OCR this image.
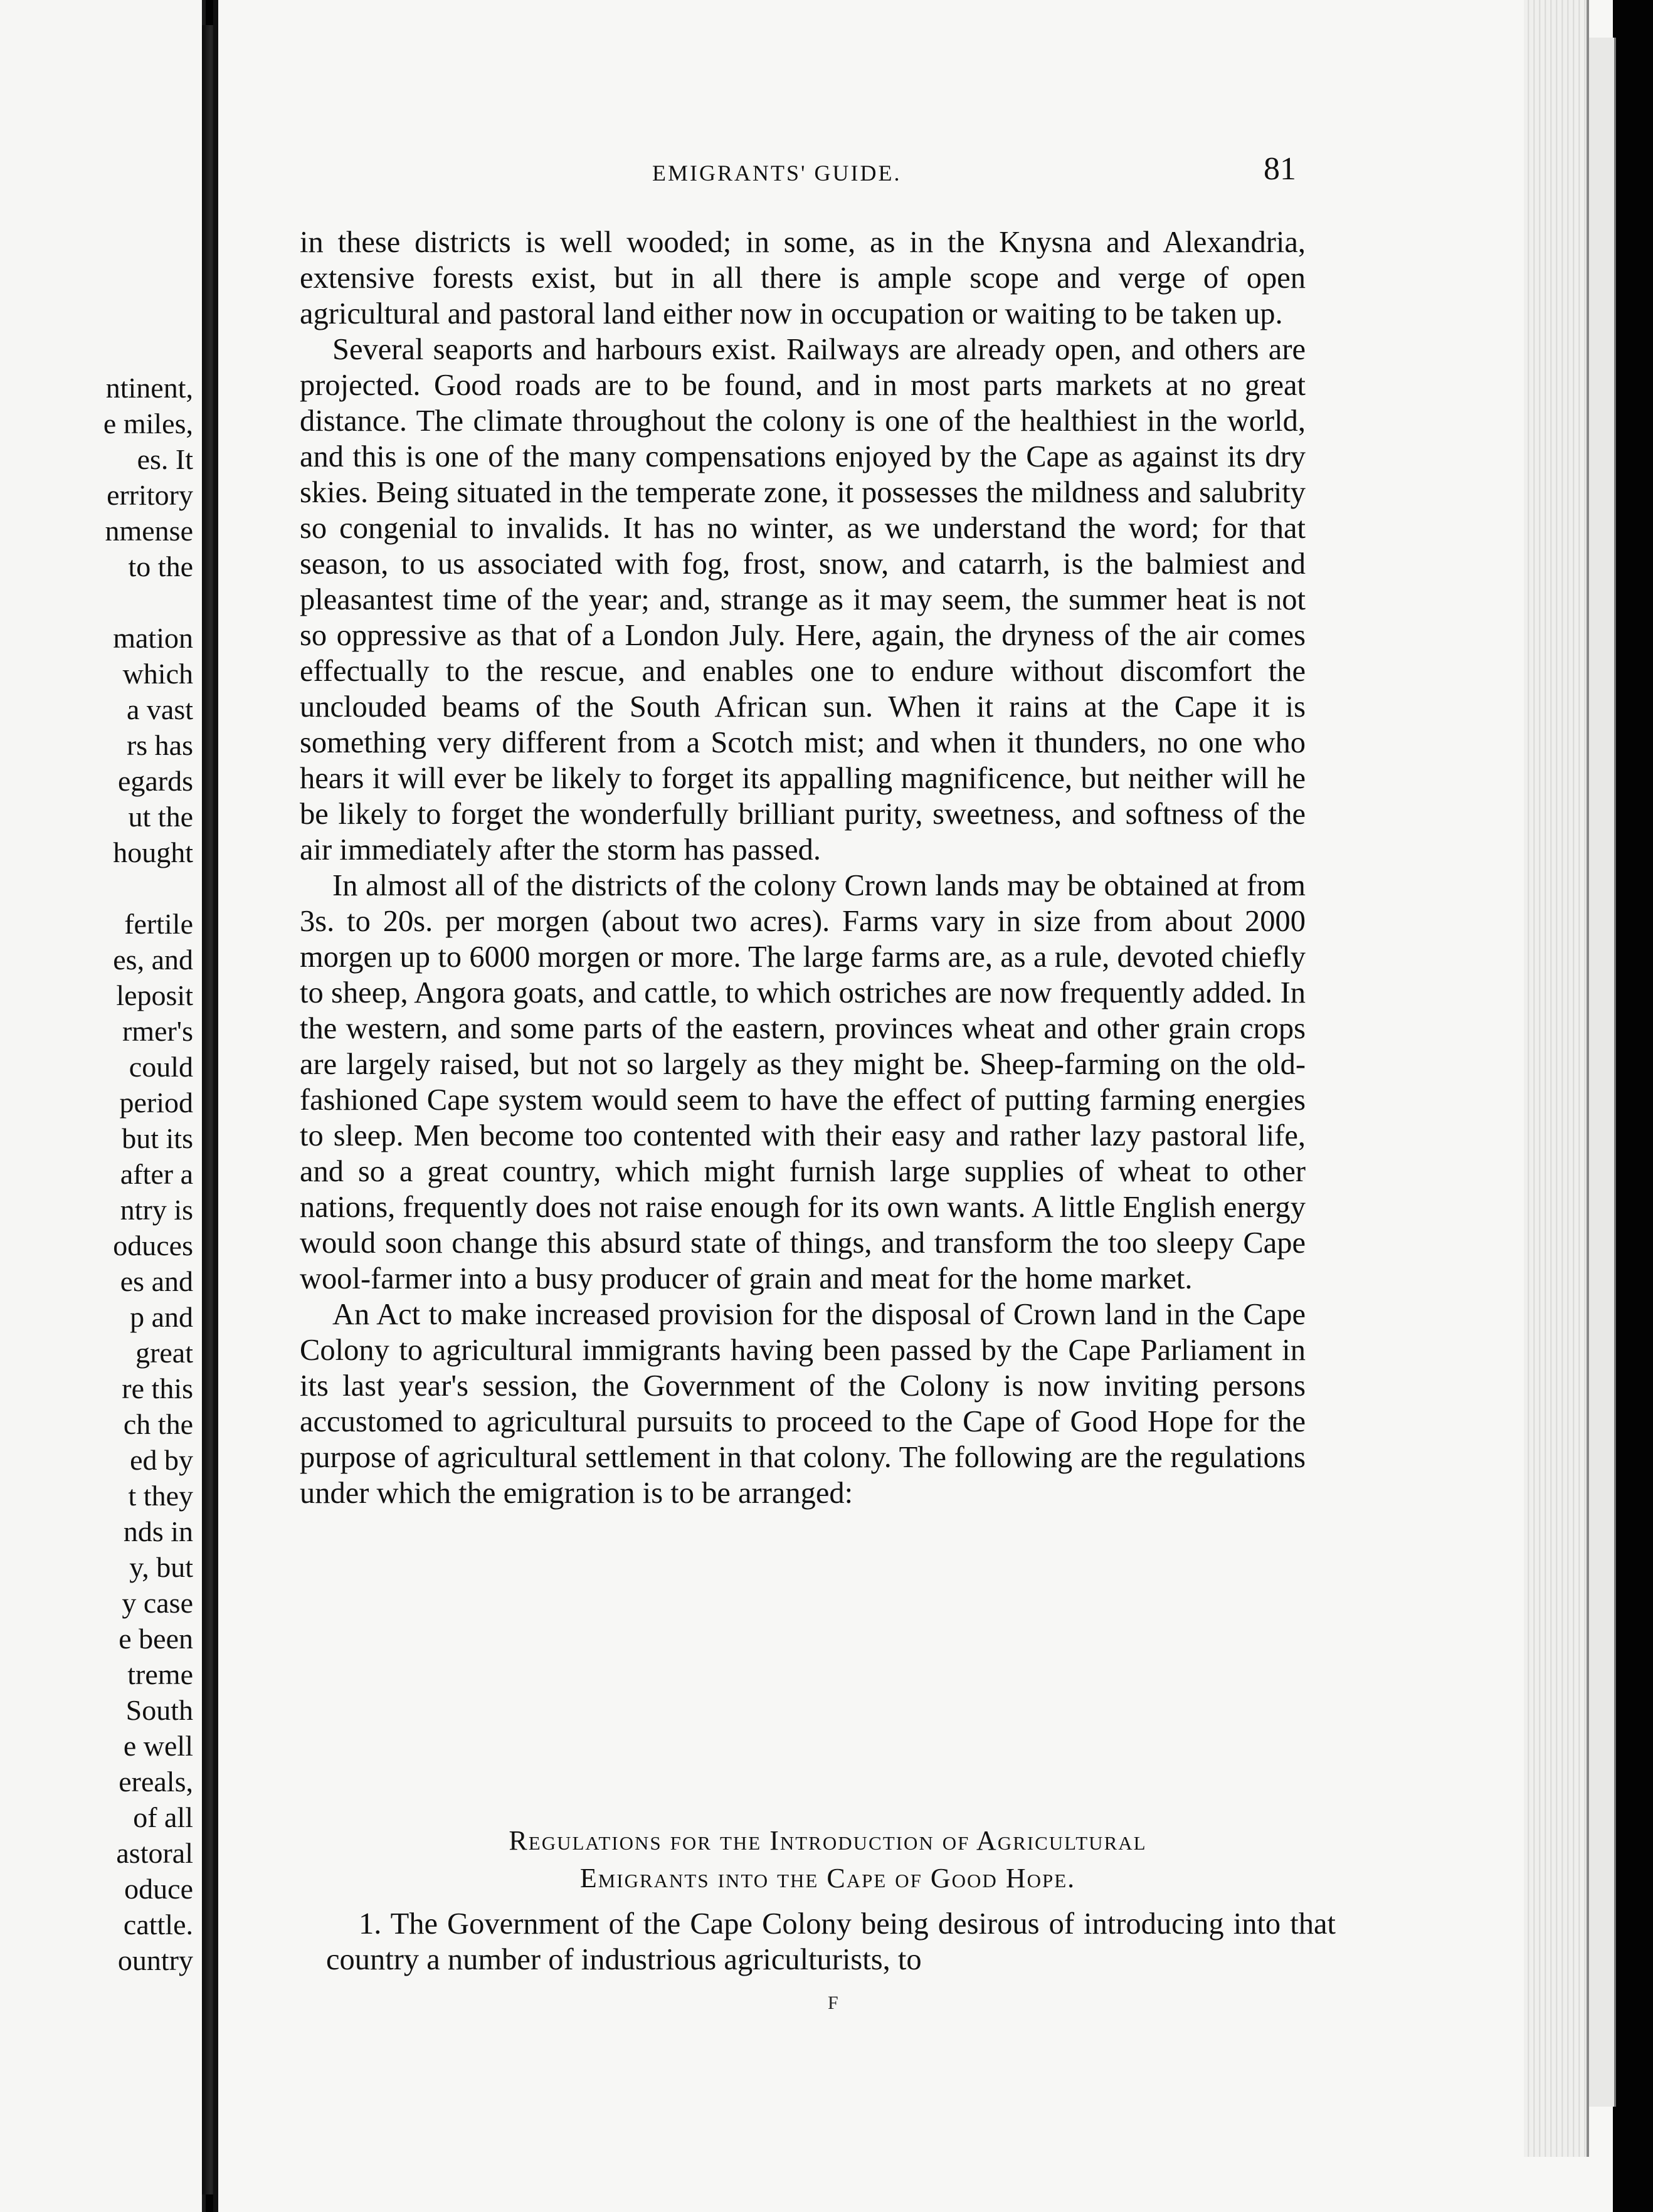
ntinent,
e miles,
es. It
erritory
nmense
to the
mation
which
a vast
rs has
egards
ut the
hought
fertile
es, and
leposit
rmer's
could
period
but its
after a
ntry is
oduces
es and
p and
great
re this
ch the
ed by
t they
nds in
y, but
y case
e been
treme
South
e well
ereals,
of all
astoral
oduce
cattle.
ountry
EMIGRANTS' GUIDE.	81

in these districts is well wooded; in some, as in the Knysna and Alexandria, extensive forests exist, but in all there is ample scope and verge of open agricultural and pastoral land either now in occupation or waiting to be taken up.

Several seaports and harbours exist. Railways are already open, and others are projected. Good roads are to be found, and in most parts markets at no great distance. The climate throughout the colony is one of the healthiest in the world, and this is one of the many compensations enjoyed by the Cape as against its dry skies. Being situated in the temperate zone, it possesses the mildness and salubrity so congenial to invalids. It has no winter, as we understand the word; for that season, to us associated with fog, frost, snow, and catarrh, is the balmiest and pleasantest time of the year; and, strange as it may seem, the summer heat is not so oppressive as that of a London July. Here, again, the dryness of the air comes effectually to the rescue, and enables one to endure without discomfort the unclouded beams of the South African sun. When it rains at the Cape it is something very different from a Scotch mist; and when it thunders, no one who hears it will ever be likely to forget its appalling magnificence, but neither will he be likely to forget the wonderfully brilliant purity, sweetness, and softness of the air immediately after the storm has passed.

In almost all of the districts of the colony Crown lands may be obtained at from 3s. to 20s. per morgen (about two acres). Farms vary in size from about 2000 morgen up to 6000 morgen or more. The large farms are, as a rule, devoted chiefly to sheep, Angora goats, and cattle, to which ostriches are now frequently added. In the western, and some parts of the eastern, provinces wheat and other grain crops are largely raised, but not so largely as they might be. Sheep-farming on the old-fashioned Cape system would seem to have the effect of putting farming energies to sleep. Men become too contented with their easy and rather lazy pastoral life, and so a great country, which might furnish large supplies of wheat to other nations, frequently does not raise enough for its own wants. A little English energy would soon change this absurd state of things, and transform the too sleepy Cape wool-farmer into a busy producer of grain and meat for the home market.

An Act to make increased provision for the disposal of Crown land in the Cape Colony to agricultural immigrants having been passed by the Cape Parliament in its last year's session, the Government of the Colony is now inviting persons accustomed to agricultural pursuits to proceed to the Cape of Good Hope for the purpose of agricultural settlement in that colony. The following are the regulations under which the emigration is to be arranged:

Regulations for the Introduction of Agricultural
Emigrants into the Cape of Good Hope.

1. The Government of the Cape Colony being desirous of introducing into that country a number of industrious agriculturists, to

F
